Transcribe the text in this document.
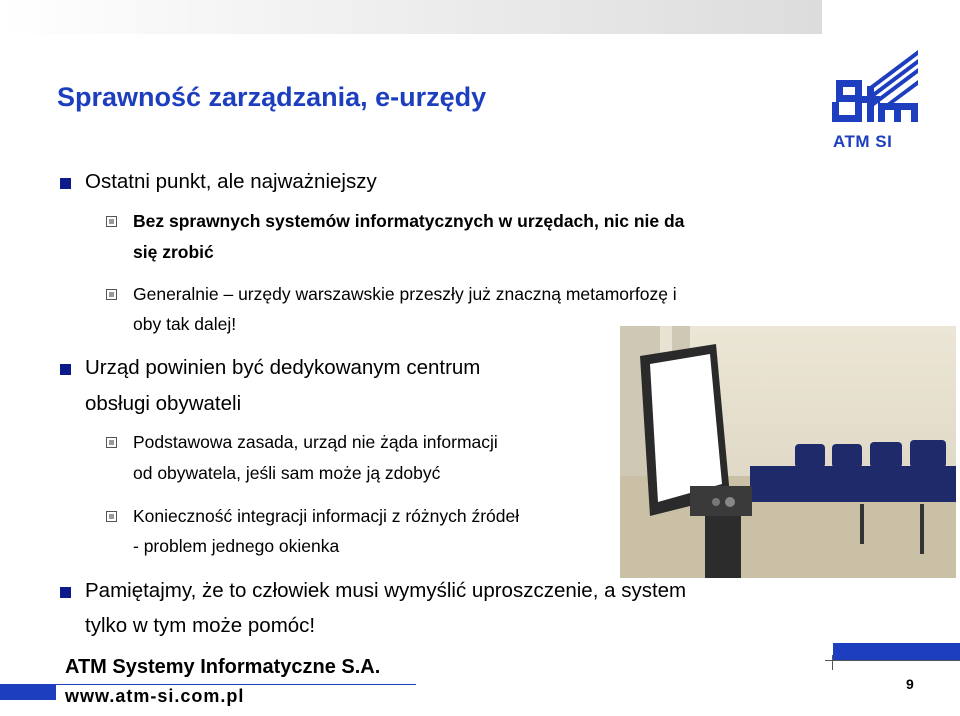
Sprawność zarządzania, e-urzędy
ATM SI
Ostatni punkt, ale najważniejszy
Bez sprawnych systemów informatycznych w urzędach, nic nie da
się zrobić
Generalnie – urzędy warszawskie przeszły już znaczną metamorfozę i
oby tak dalej!
Urząd powinien być dedykowanym centrum
obsługi obywateli
Podstawowa zasada, urząd nie żąda informacji
od obywatela, jeśli sam może ją zdobyć
Konieczność integracji informacji z różnych źródeł
- problem jednego okienka
Pamiętajmy, że to człowiek musi wymyślić uproszczenie, a system
tylko w tym może pomóc!
ATM Systemy Informatyczne S.A.
www.atm-si.com.pl
9
